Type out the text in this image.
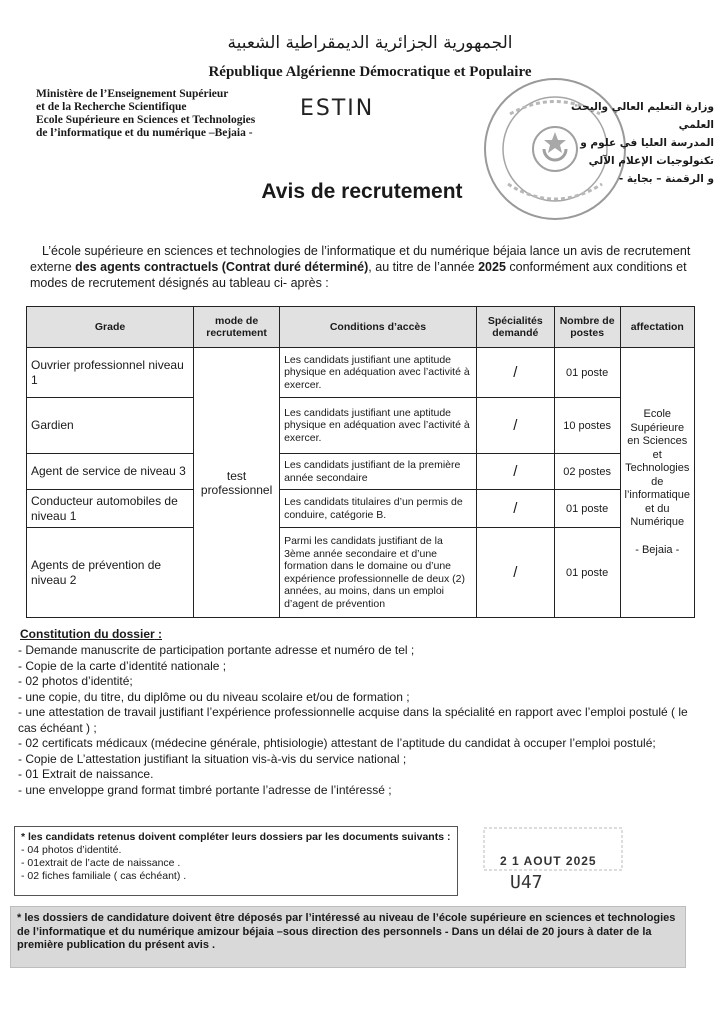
الجمهورية الجزائرية الديمقراطية الشعبية
République Algérienne Démocratique et Populaire
Ministère de l’Enseignement Supérieur
et de la Recherche Scientifique
Ecole Supérieure en Sciences et Technologies
de l’informatique et du numérique –Bejaia -
ESTIN	وزارة التعليم العالي والبحث العلمي
المدرسة العليا في علوم و تكنولوجيات الإعلام الآلي
و الرقمنة – بجاية -
Avis de recrutement
L’école supérieure en sciences et technologies de l’informatique et du numérique béjaia lance un avis de recrutement externe des agents contractuels (Contrat duré déterminé), au titre de l’année 2025 conformément aux conditions et modes de recrutement désignés au tableau ci- après :
Grade	mode de recrutement	Conditions d’accès	Spécialités demandé	Nombre de postes	affectation
Ouvrier professionnel niveau 1	test professionnel	Les candidats justifiant une aptitude physique en adéquation avec l’activité à exercer.	/	01 poste	Ecole Supérieure en Sciences et Technologies de l’informatique et du Numérique
- Bejaia -

Gardien		Les candidats justifiant une aptitude physique en adéquation avec l’activité à exercer.	/	10 postes	
Agent de service de niveau 3		Les candidats justifiant de la première année secondaire	/	02 postes	
Conducteur automobiles de niveau 1		Les candidats titulaires d’un permis de conduire, catégorie B.	/	01 poste	
Agents de prévention de niveau 2		Parmi les candidats justifiant de la 3ème année secondaire et d’une formation dans le domaine ou d’une expérience professionnelle de deux (2) années, au moins, dans un emploi d’agent de prévention	/	01 poste	
Constitution du dossier :
- Demande manuscrite de participation portante adresse et numéro de tel ;
- Copie de la carte d’identité nationale ;
- 02 photos d’identité;
- une copie, du titre, du diplôme ou du niveau scolaire et/ou de formation ;
- une attestation de travail justifiant l’expérience professionnelle acquise dans la spécialité en rapport avec l’emploi postulé ( le cas échéant ) ;
- 02 certificats médicaux (médecine générale, phtisiologie) attestant de l’aptitude du candidat à occuper l’emploi postulé;
- Copie de L’attestation justifiant la situation vis-à-vis du service national ;
- 01 Extrait de naissance.
- une enveloppe grand format timbré portante l’adresse de l’intéressé ;
* les candidats retenus doivent compléter leurs dossiers par les documents suivants :
- 04 photos d’identité.
- 01extrait de l’acte de naissance .
- 02 fiches familiale ( cas échéant) .
2 1 AOUT 2025
U47
* les dossiers de candidature doivent être déposés par l’intéressé au niveau de l’école supérieure en sciences et technologies de l’informatique et du numérique amizour béjaia –sous direction des personnels - Dans un délai de 20 jours à dater de la première publication du présent avis .
